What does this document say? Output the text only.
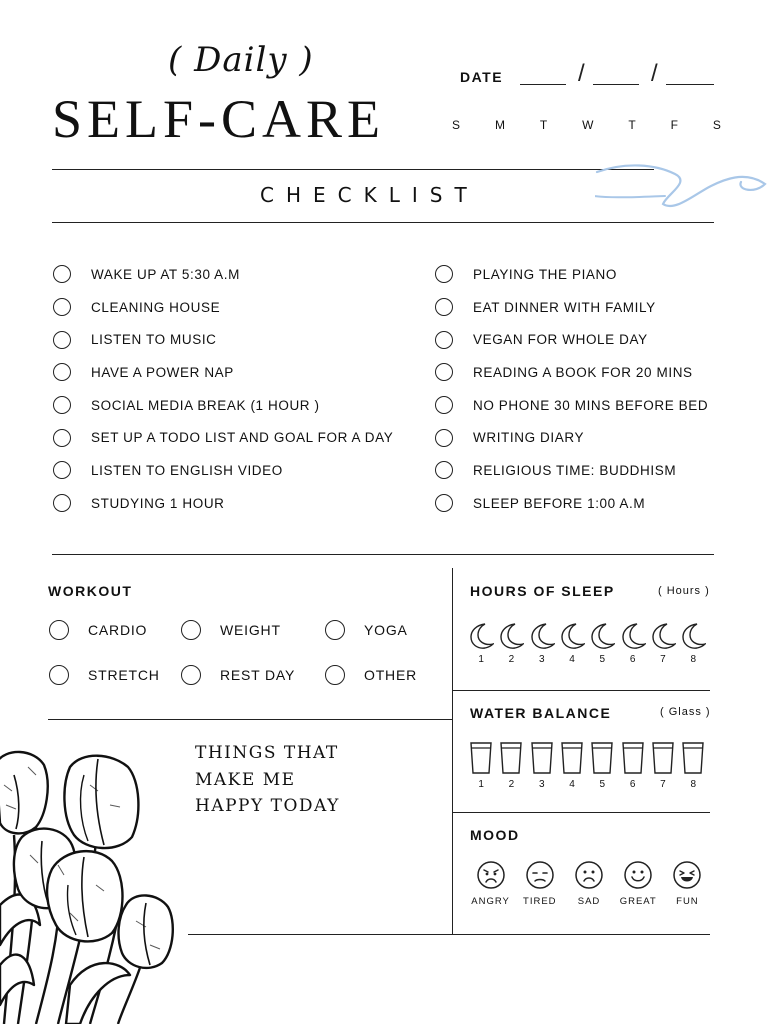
( Daily )
SELF-CARE
DATE	/	/
S	M	T	W	T	F	S
CHECKLIST
WAKE UP AT 5:30 A.M
CLEANING HOUSE
LISTEN TO MUSIC
HAVE A POWER NAP
SOCIAL MEDIA BREAK (1 HOUR )
SET UP A TODO LIST AND GOAL FOR A DAY
LISTEN TO ENGLISH VIDEO
STUDYING 1 HOUR
PLAYING THE PIANO
EAT DINNER WITH FAMILY
VEGAN FOR WHOLE DAY
READING A BOOK FOR 20 MINS
NO PHONE 30 MINS BEFORE BED
WRITING DIARY
RELIGIOUS TIME: BUDDHISM
SLEEP BEFORE 1:00 A.M
WORKOUT
CARDIO	WEIGHT	YOGA
STRETCH	REST DAY	OTHER
THINGS THAT
MAKE ME
HAPPY TODAY
HOURS OF SLEEP	( Hours )
1 2 3 4 5 6 7 8
WATER BALANCE	( Glass )
1 2 3 4 5 6 7 8
MOOD
ANGRY TIRED SAD GREAT FUN
